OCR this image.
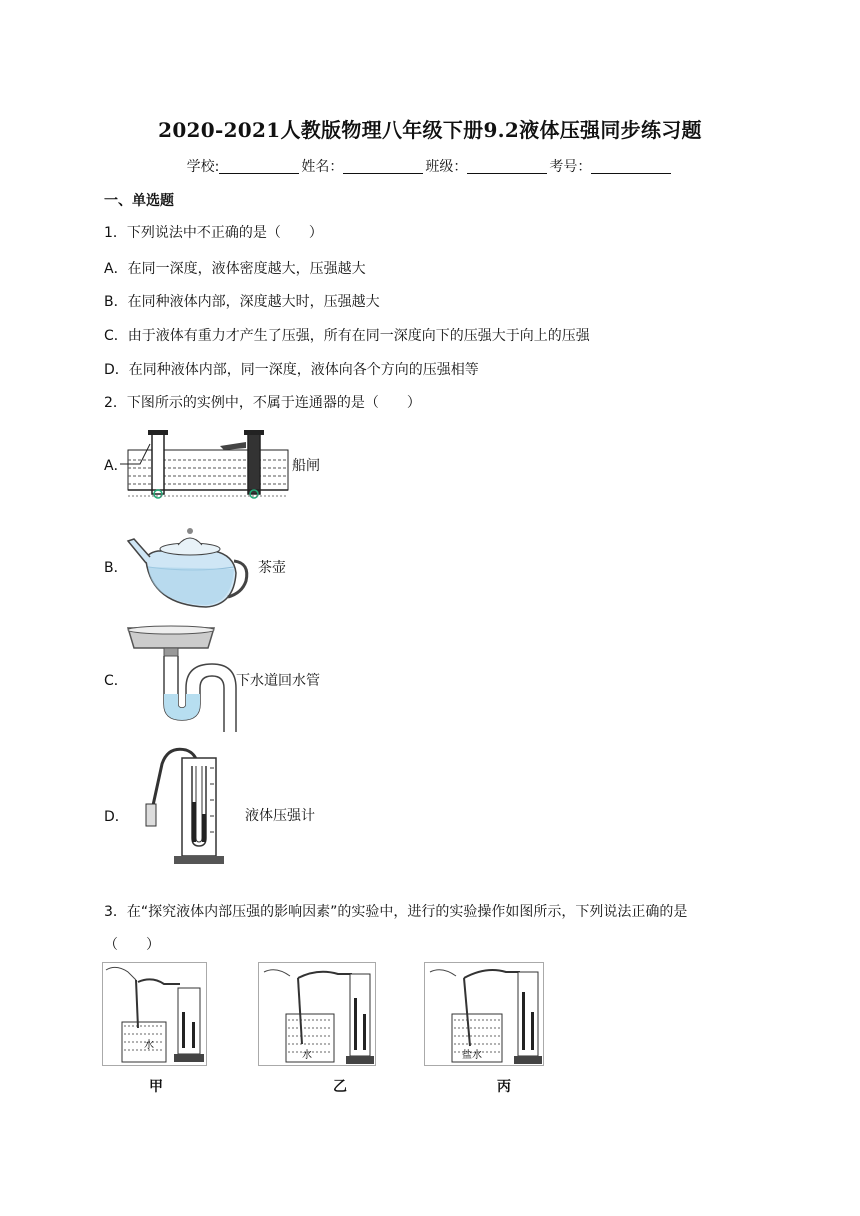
2020-2021人教版物理八年级下册9.2液体压强同步练习题
学校:	姓名：	班级：	考号：
一、单选题
1．下列说法中不正确的是（　　）
A．在同一深度，液体密度越大，压强越大
B．在同种液体内部，深度越大时，压强越大
C．由于液体有重力才产生了压强，所有在同一深度向下的压强大于向上的压强
D．在同种液体内部，同一深度，液体向各个方向的压强相等
2．下图所示的实例中，不属于连通器的是（　　）
A．	船闸
B．	茶壶
C．	下水道回水管
D．	液体压强计
3．在“探究液体内部压强的影响因素”的实验中，进行的实验操作如图所示，下列说法正确的是
（　　）
水
甲
水
乙
盐水
丙
